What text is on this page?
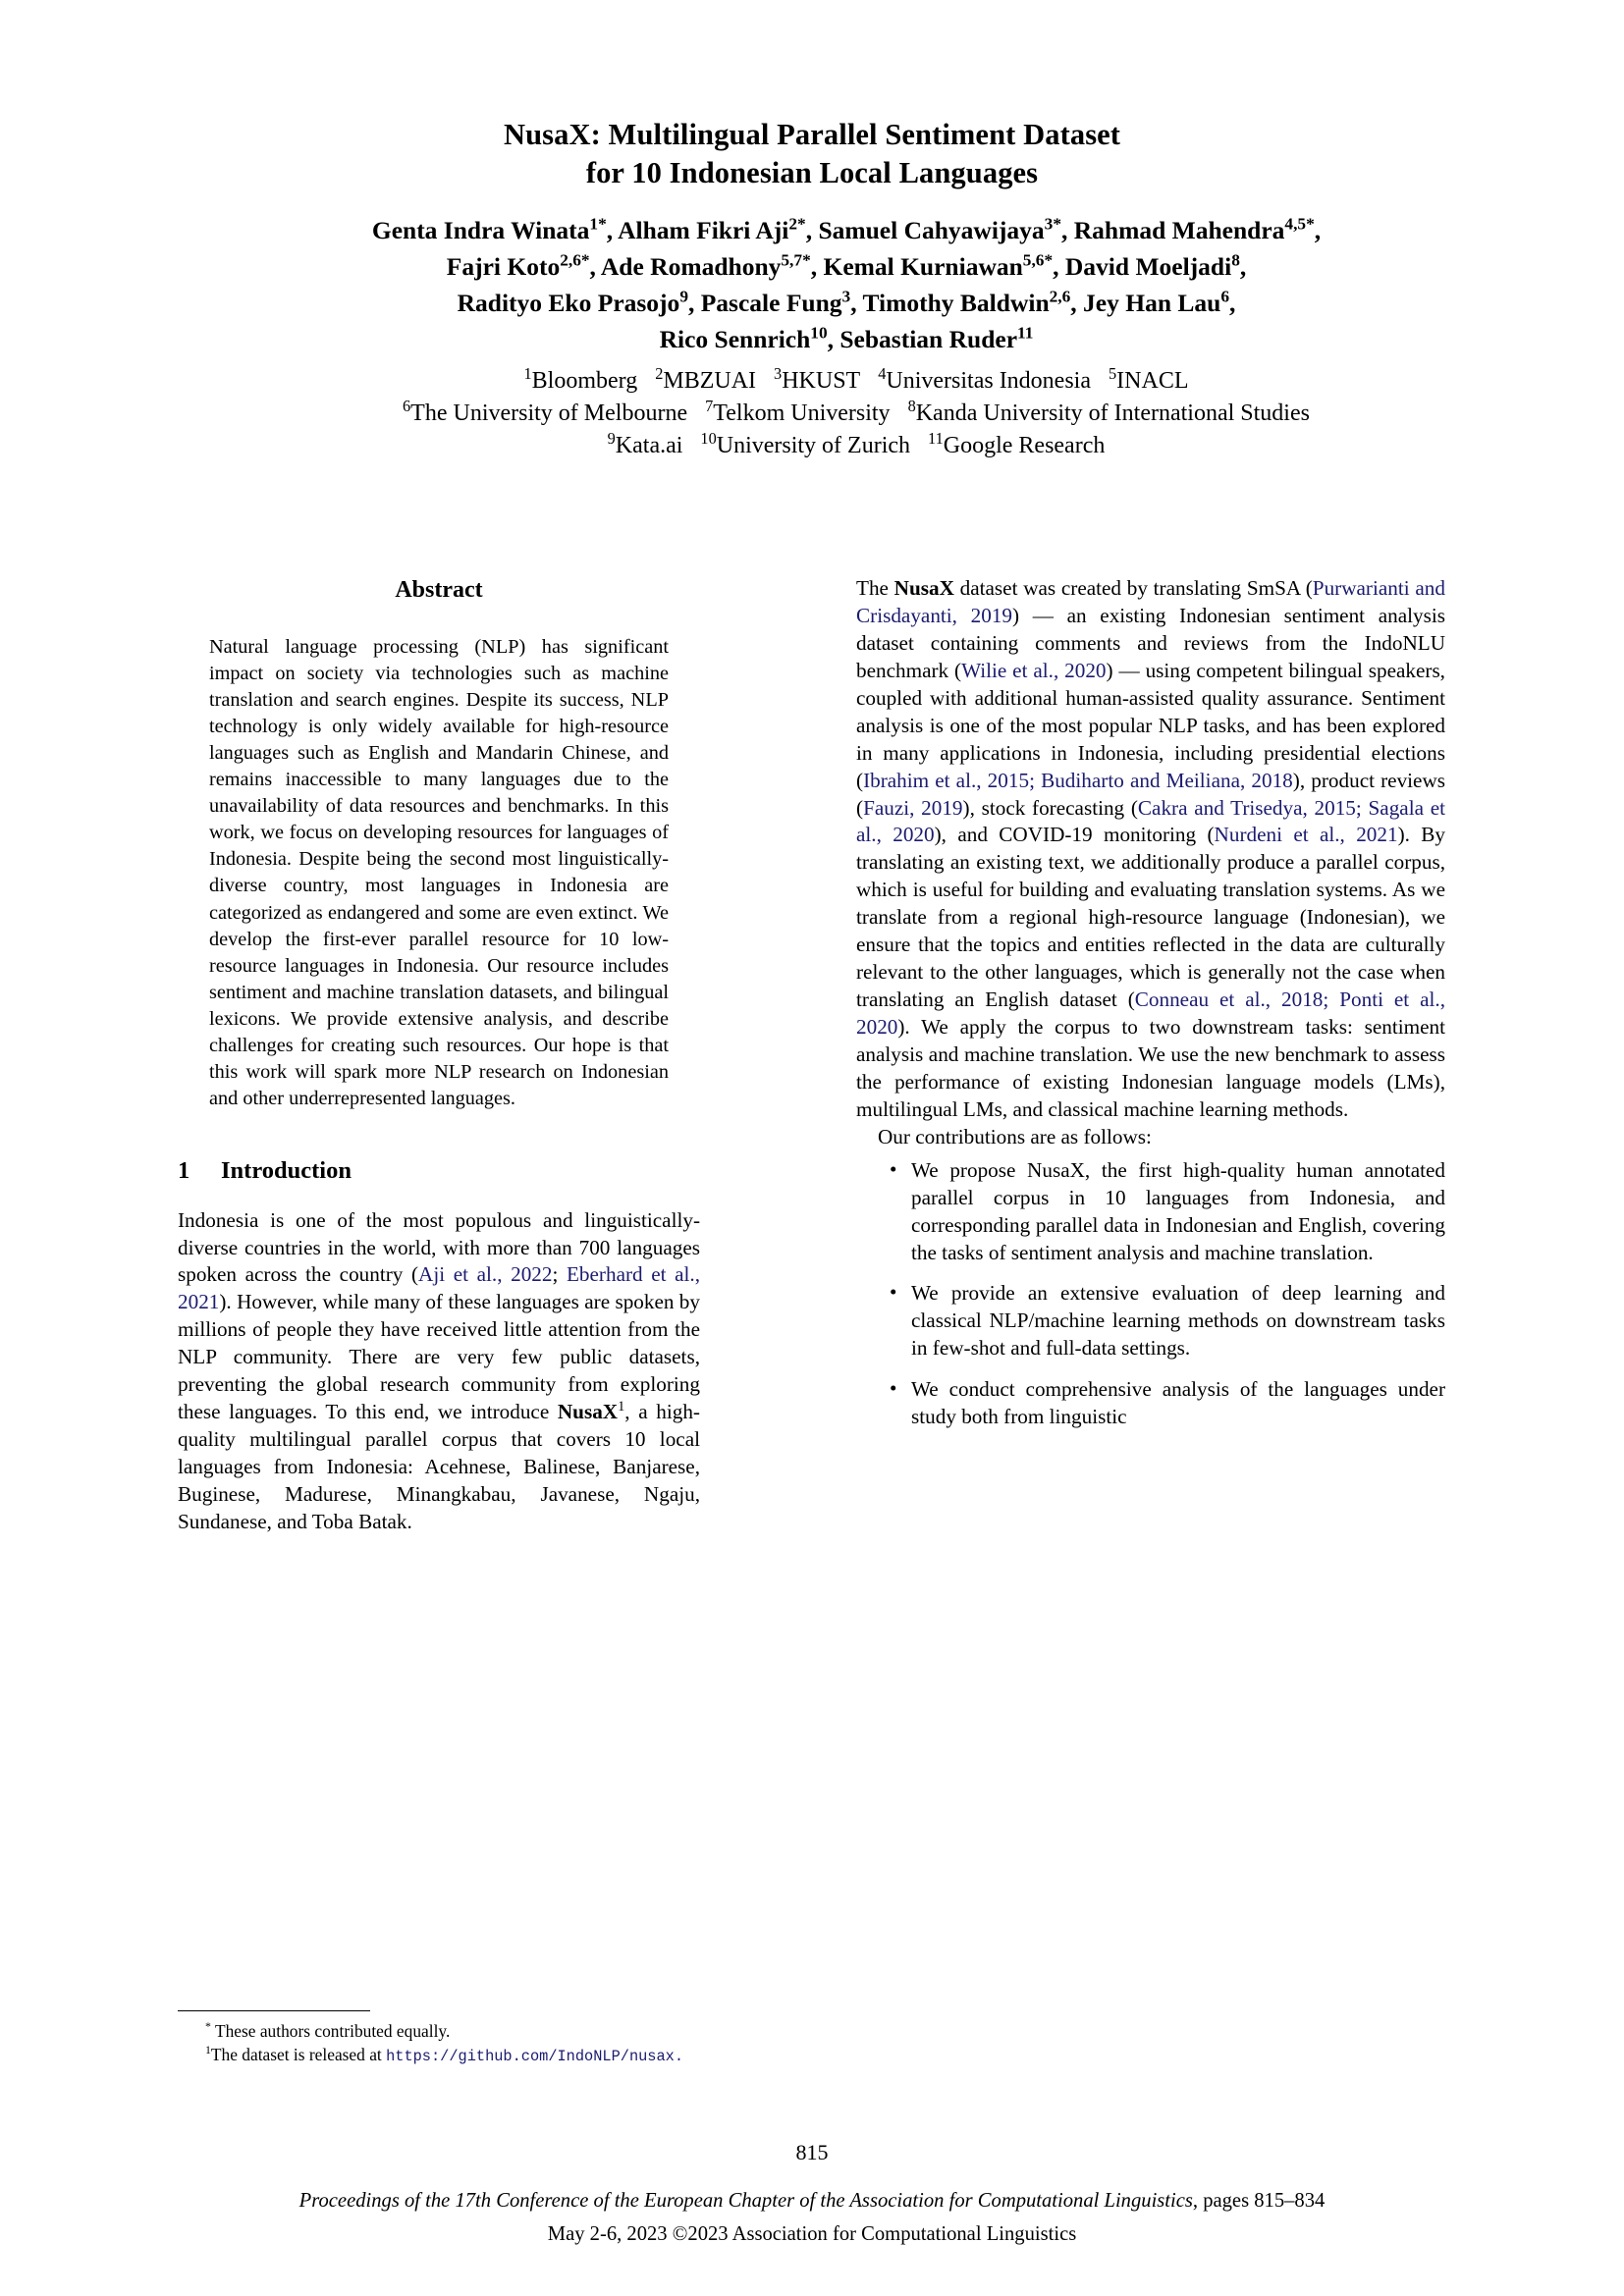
NusaX: Multilingual Parallel Sentiment Dataset
for 10 Indonesian Local Languages
Genta Indra Winata$^{1*}$, Alham Fikri Aji$^{2*}$, Samuel Cahyawijaya$^{3*}$, Rahmad Mahendra$^{4,5*}$,
Fajri Koto$^{2,6*}$, Ade Romadhony$^{5,7*}$, Kemal Kurniawan$^{5,6*}$, David Moeljadi$^8$,
Radityo Eko Prasojo$^9$, Pascale Fung$^3$, Timothy Baldwin$^{2,6}$, Jey Han Lau$^6$,
Rico Sennrich$^{10}$, Sebastian Ruder$^{11}$
$^1$Bloomberg $^2$MBZUAI $^3$HKUST $^4$Universitas Indonesia $^5$INACL
$^6$The University of Melbourne $^7$Telkom University $^8$Kanda University of International Studies
$^9$Kata.ai $^{10}$University of Zurich $^{11}$Google Research
Abstract
Natural language processing (NLP) has significant impact on society via technologies such as machine translation and search engines. Despite its success, NLP technology is only widely available for high-resource languages such as English and Mandarin Chinese, and remains inaccessible to many languages due to the unavailability of data resources and benchmarks. In this work, we focus on developing resources for languages of Indonesia. Despite being the second most linguistically-diverse country, most languages in Indonesia are categorized as endangered and some are even extinct. We develop the first-ever parallel resource for 10 low-resource languages in Indonesia. Our resource includes sentiment and machine translation datasets, and bilingual lexicons. We provide extensive analysis, and describe challenges for creating such resources. Our hope is that this work will spark more NLP research on Indonesian and other underrepresented languages.
1 Introduction

Indonesia is one of the most populous and linguistically-diverse countries in the world, with more than 700 languages spoken across the country (Aji et al., 2022; Eberhard et al., 2021). However, while many of these languages are spoken by millions of people they have received little attention from the NLP community. There are very few public datasets, preventing the global research community from exploring these languages. To this end, we introduce NusaX$^1$, a high-quality multilingual parallel corpus that covers 10 local languages from Indonesia: Acehnese, Balinese, Banjarese, Buginese, Madurese, Minangkabau, Javanese, Ngaju, Sundanese, and Toba Batak.

The NusaX dataset was created by translating SmSA (Purwarianti and Crisdayanti, 2019) — an existing Indonesian sentiment analysis dataset containing comments and reviews from the IndoNLU benchmark (Wilie et al., 2020) — using competent bilingual speakers, coupled with additional human-assisted quality assurance. Sentiment analysis is one of the most popular NLP tasks, and has been explored in many applications in Indonesia, including presidential elections (Ibrahim et al., 2015; Budiharto and Meiliana, 2018), product reviews (Fauzi, 2019), stock forecasting (Cakra and Trisedya, 2015; Sagala et al., 2020), and COVID-19 monitoring (Nurdeni et al., 2021). By translating an existing text, we additionally produce a parallel corpus, which is useful for building and evaluating translation systems. As we translate from a regional high-resource language (Indonesian), we ensure that the topics and entities reflected in the data are culturally relevant to the other languages, which is generally not the case when translating an English dataset (Conneau et al., 2018; Ponti et al., 2020). We apply the corpus to two downstream tasks: sentiment analysis and machine translation. We use the new benchmark to assess the performance of existing Indonesian language models (LMs), multilingual LMs, and classical machine learning methods.

Our contributions are as follows:

• We propose NusaX, the first high-quality human annotated parallel corpus in 10 languages from Indonesia, and corresponding parallel data in Indonesian and English, covering the tasks of sentiment analysis and machine translation.
• We provide an extensive evaluation of deep learning and classical NLP/machine learning methods on downstream tasks in few-shot and full-data settings.
• We conduct comprehensive analysis of the languages under study both from linguistic

* These authors contributed equally.

$^1$The dataset is released at https://github.com/IndoNLP/nusax.

815
Proceedings of the 17th Conference of the European Chapter of the Association for Computational Linguistics, pages 815–834
May 2-6, 2023 ©2023 Association for Computational Linguistics
